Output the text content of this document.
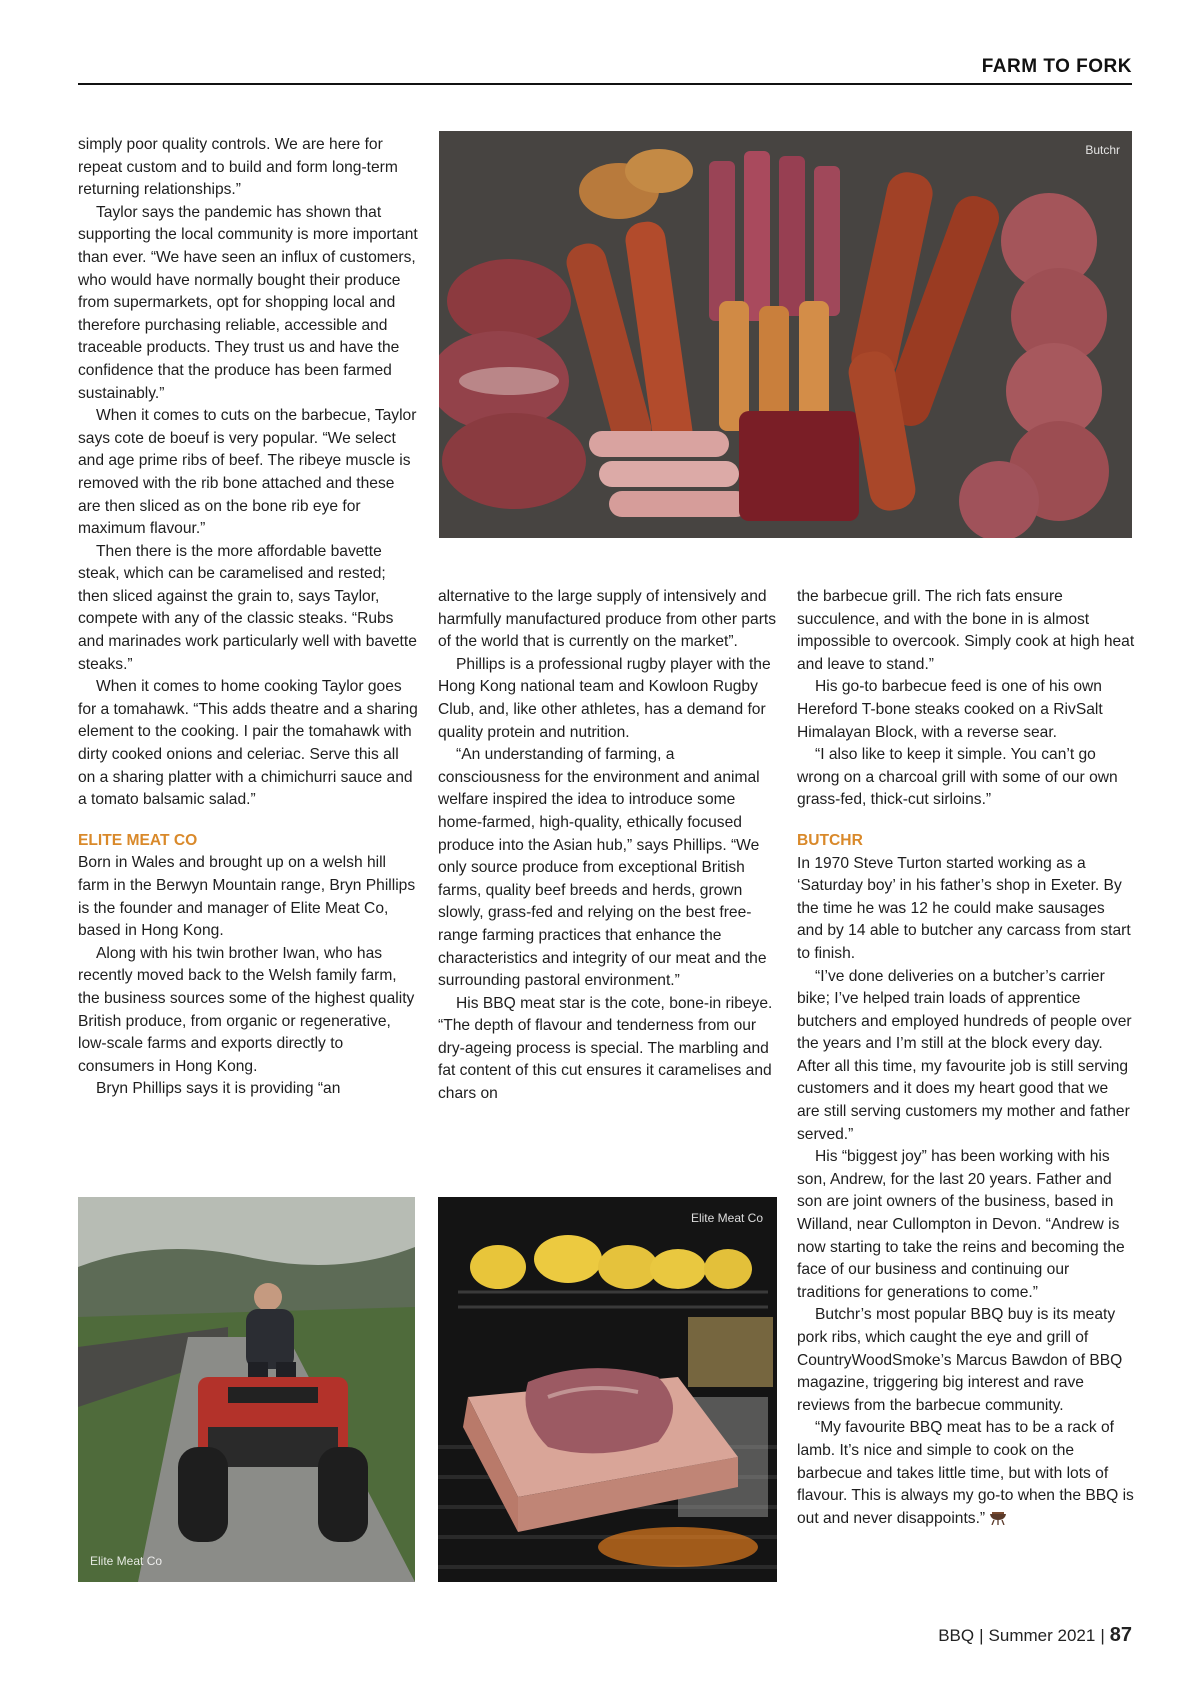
FARM TO FORK

simply poor quality controls. We are here for repeat custom and to build and form long-term returning relationships.”

Taylor says the pandemic has shown that supporting the local community is more important than ever. “We have seen an influx of customers, who would have normally bought their produce from supermarkets, opt for shopping local and therefore purchasing reliable, accessible and traceable products. They trust us and have the confidence that the produce has been farmed sustainably.”

When it comes to cuts on the barbecue, Taylor says cote de boeuf is very popular. “We select and age prime ribs of beef. The ribeye muscle is removed with the rib bone attached and these are then sliced as on the bone rib eye for maximum flavour.”

Then there is the more affordable bavette steak, which can be caramelised and rested; then sliced against the grain to, says Taylor, compete with any of the classic steaks. “Rubs and marinades work particularly well with bavette steaks.”

When it comes to home cooking Taylor goes for a tomahawk. “This adds theatre and a sharing element to the cooking. I pair the tomahawk with dirty cooked onions and celeriac. Serve this all on a sharing platter with a chimichurri sauce and a tomato balsamic salad.”

ELITE MEAT CO

Born in Wales and brought up on a welsh hill farm in the Berwyn Mountain range, Bryn Phillips is the founder and manager of Elite Meat Co, based in Hong Kong.

Along with his twin brother Iwan, who has recently moved back to the Welsh family farm, the business sources some of the highest quality British produce, from organic or regenerative, low-scale farms and exports directly to consumers in Hong Kong.

Bryn Phillips says it is providing “an

alternative to the large supply of intensively and harmfully manufactured produce from other parts of the world that is currently on the market”.

Phillips is a professional rugby player with the Hong Kong national team and Kowloon Rugby Club, and, like other athletes, has a demand for quality protein and nutrition.

“An understanding of farming, a consciousness for the environment and animal welfare inspired the idea to introduce some home-farmed, high-quality, ethically focused produce into the Asian hub,” says Phillips. “We only source produce from exceptional British farms, quality beef breeds and herds, grown slowly, grass-fed and relying on the best free-range farming practices that enhance the characteristics and integrity of our meat and the surrounding pastoral environment.”

His BBQ meat star is the cote, bone-in ribeye. “The depth of flavour and tenderness from our dry-ageing process is special. The marbling and fat content of this cut ensures it caramelises and chars on

the barbecue grill. The rich fats ensure succulence, and with the bone in is almost impossible to overcook. Simply cook at high heat and leave to stand.”

His go-to barbecue feed is one of his own Hereford T-bone steaks cooked on a RivSalt Himalayan Block, with a reverse sear.

“I also like to keep it simple. You can’t go wrong on a charcoal grill with some of our own grass-fed, thick-cut sirloins.”

BUTCHR

In 1970 Steve Turton started working as a ‘Saturday boy’ in his father’s shop in Exeter. By the time he was 12 he could make sausages and by 14 able to butcher any carcass from start to finish.

“I’ve done deliveries on a butcher’s carrier bike; I’ve helped train loads of apprentice butchers and employed hundreds of people over the years and I’m still at the block every day. After all this time, my favourite job is still serving customers and it does my heart good that we are still serving customers my mother and father served.”

His “biggest joy” has been working with his son, Andrew, for the last 20 years. Father and son are joint owners of the business, based in Willand, near Cullompton in Devon. “Andrew is now starting to take the reins and becoming the face of our business and continuing our traditions for generations to come.”

Butchr’s most popular BBQ buy is its meaty pork ribs, which caught the eye and grill of CountryWoodSmoke’s Marcus Bawdon of BBQ magazine, triggering big interest and rave reviews from the barbecue community.

“My favourite BBQ meat has to be a rack of lamb. It’s nice and simple to cook on the barbecue and takes little time, but with lots of flavour. This is always my go-to when the BBQ is out and never disappoints.”

Butchr
Elite Meat Co
Elite Meat Co
BBQ | Summer 2021 | 87
